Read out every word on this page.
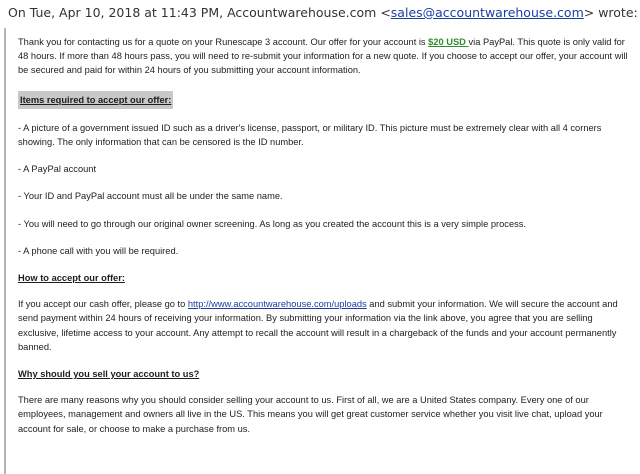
On Tue, Apr 10, 2018 at 11:43 PM, Accountwarehouse.com <sales@accountwarehouse.com> wrote:

Thank you for contacting us for a quote on your Runescape 3 account. Our offer for your account is $20 USD via PayPal. This quote is only valid for 48 hours. If more than 48 hours pass, you will need to re-submit your information for a new quote. If you choose to accept our offer, your account will be secured and paid for within 24 hours of you submitting your account information.

Items required to accept our offer:

- A picture of a government issued ID such as a driver's license, passport, or military ID. This picture must be extremely clear with all 4 corners showing. The only information that can be censored is the ID number.

- A PayPal account

- Your ID and PayPal account must all be under the same name.

- You will need to go through our original owner screening. As long as you created the account this is a very simple process.

- A phone call with you will be required.

How to accept our offer:

If you accept our cash offer, please go to http://www.accountwarehouse.com/uploads and submit your information. We will secure the account and send payment within 24 hours of receiving your information. By submitting your information via the link above, you agree that you are selling exclusive, lifetime access to your account. Any attempt to recall the account will result in a chargeback of the funds and your account permanently banned.

Why should you sell your account to us?

There are many reasons why you should consider selling your account to us. First of all, we are a United States company. Every one of our employees, management and owners all live in the US. This means you will get great customer service whether you visit live chat, upload your account for sale, or choose to make a purchase from us.
